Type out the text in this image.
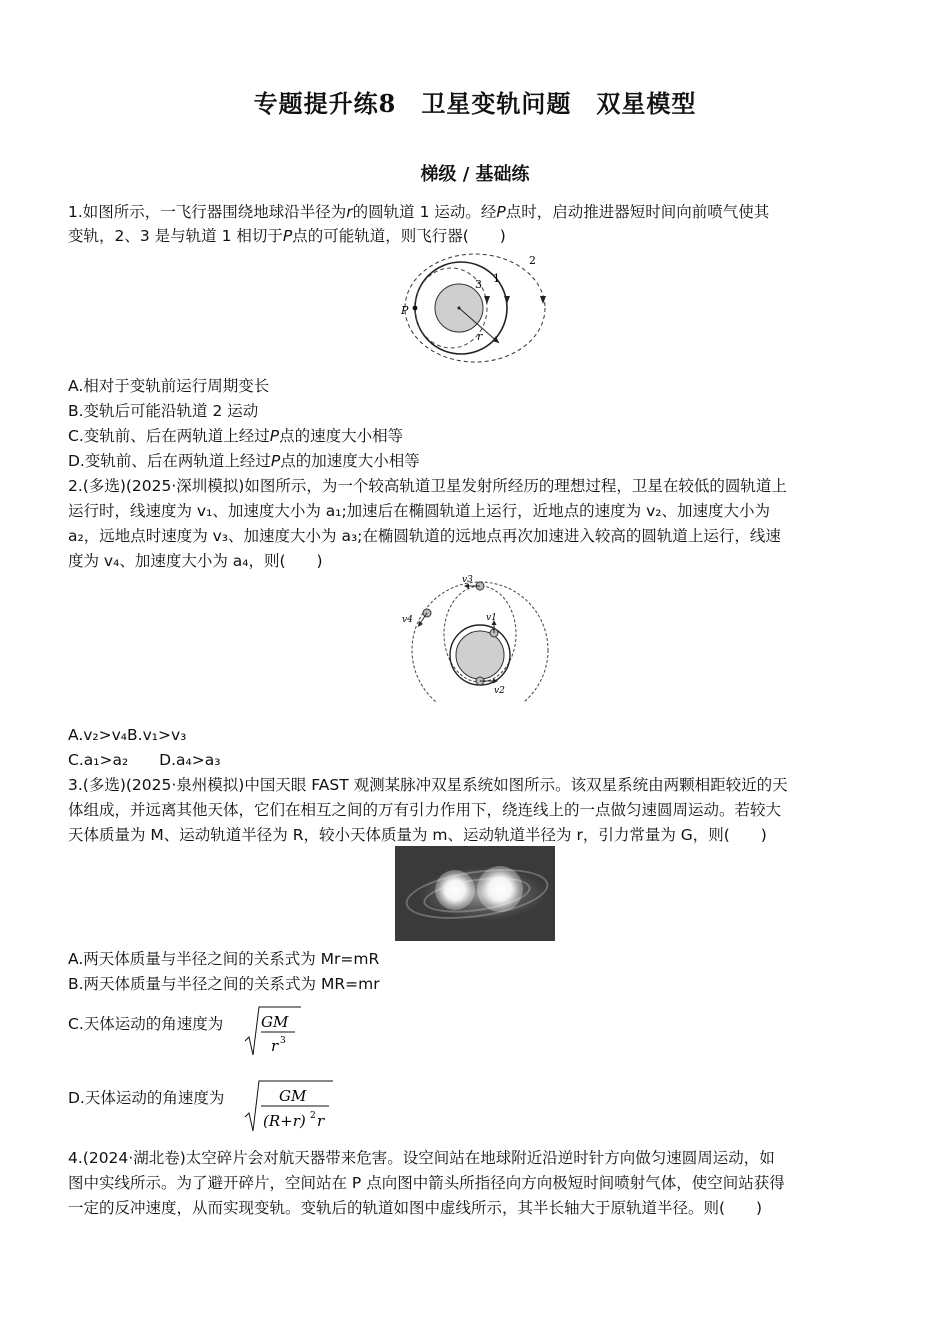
专题提升练8　卫星变轨问题　双星模型
梯级 / 基础练
1.如图所示，一飞行器围绕地球沿半径为r的圆轨道 1 运动。经P点时，启动推进器短时间向前喷气使其
变轨，2、3 是与轨道 1 相切于P点的可能轨道，则飞行器(　　)
P
1
2
3
r
A.相对于变轨前运行周期变长
B.变轨后可能沿轨道 2 运动
C.变轨前、后在两轨道上经过P点的速度大小相等
D.变轨前、后在两轨道上经过P点的加速度大小相等
2.(多选)(2025·深圳模拟)如图所示，为一个较高轨道卫星发射所经历的理想过程，卫星在较低的圆轨道上
运行时，线速度为 v₁、加速度大小为 a₁;加速后在椭圆轨道上运行，近地点的速度为 v₂、加速度大小为
a₂，远地点时速度为 v₃、加速度大小为 a₃;在椭圆轨道的远地点再次加速进入较高的圆轨道上运行，线速
度为 v₄、加速度大小为 a₄，则(　　)
v3
v1
v2
v4
A.v₂>v₄B.v₁>v₃
C.a₁>a₂　　D.a₄>a₃
3.(多选)(2025·泉州模拟)中国天眼 FAST 观测某脉冲双星系统如图所示。该双星系统由两颗相距较近的天
体组成，并远离其他天体，它们在相互之间的万有引力作用下，绕连线上的一点做匀速圆周运动。若较大
天体质量为 M、运动轨道半径为 R，较小天体质量为 m、运动轨道半径为 r，引力常量为 G，则(　　)
A.两天体质量与半径之间的关系式为 Mr=mR
B.两天体质量与半径之间的关系式为 MR=mr
C.天体运动的角速度为	GM
r 3
D.天体运动的角速度为	GM
(R+r) 2 r
4.(2024·湖北卷)太空碎片会对航天器带来危害。设空间站在地球附近沿逆时针方向做匀速圆周运动，如
图中实线所示。为了避开碎片，空间站在 P 点向图中箭头所指径向方向极短时间喷射气体，使空间站获得
一定的反冲速度，从而实现变轨。变轨后的轨道如图中虚线所示，其半长轴大于原轨道半径。则(　　)
